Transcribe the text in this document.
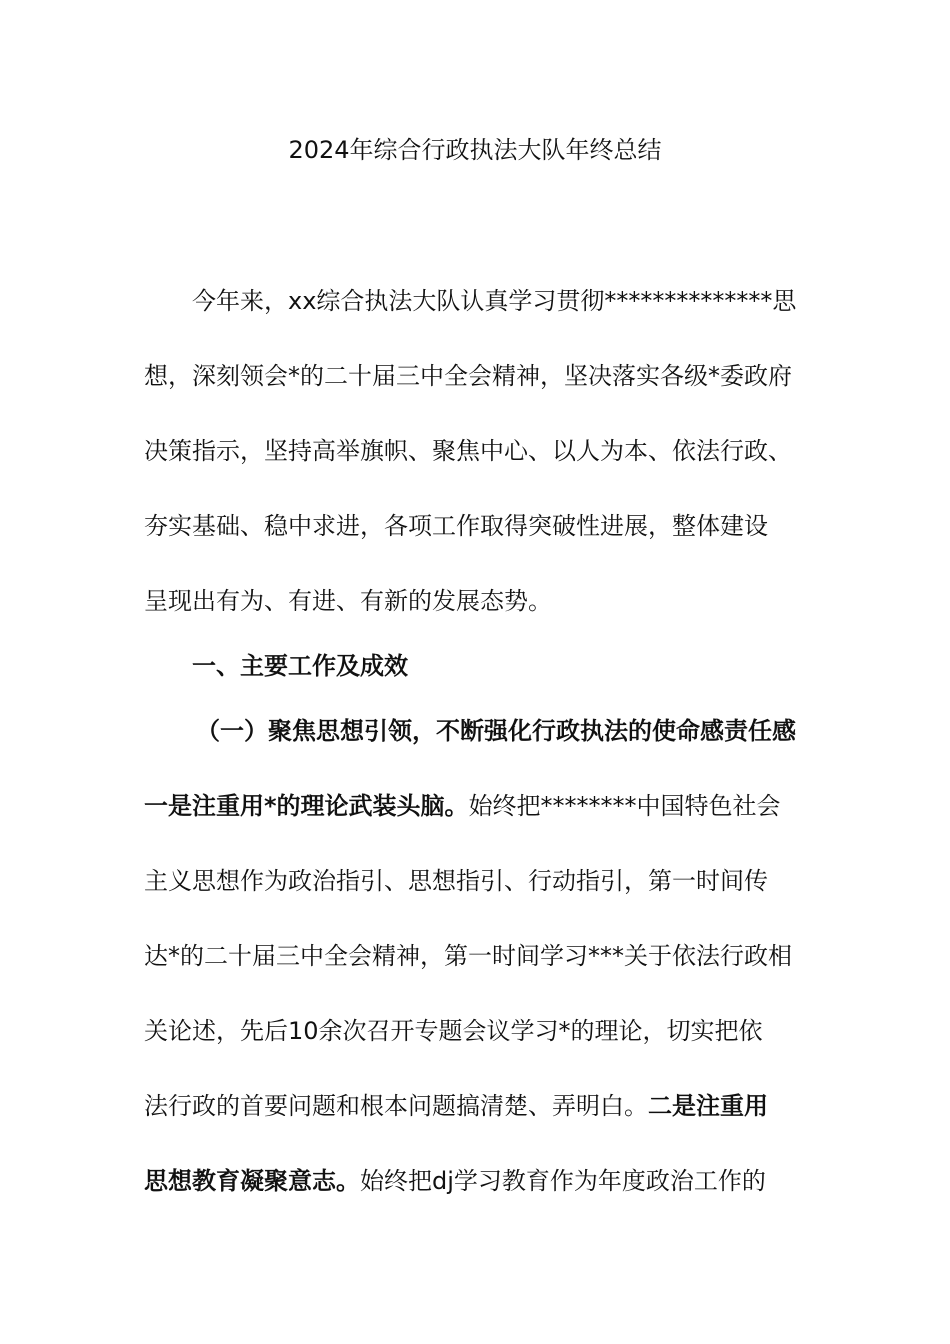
2024年综合行政执法大队年终总结
今年来，xx综合执法大队认真学习贯彻**************思
想，深刻领会*的二十届三中全会精神，坚决落实各级*委政府
决策指示，坚持高举旗帜、聚焦中心、以人为本、依法行政、
夯实基础、稳中求进，各项工作取得突破性进展，整体建设
呈现出有为、有进、有新的发展态势。
一、主要工作及成效
（一）聚焦思想引领，不断强化行政执法的使命感责任感
一是注重用*的理论武装头脑。始终把********中国特色社会
主义思想作为政治指引、思想指引、行动指引，第一时间传
达*的二十届三中全会精神，第一时间学习***关于依法行政相
关论述，先后10余次召开专题会议学习*的理论，切实把依
法行政的首要问题和根本问题搞清楚、弄明白。二是注重用
思想教育凝聚意志。始终把dj学习教育作为年度政治工作的
